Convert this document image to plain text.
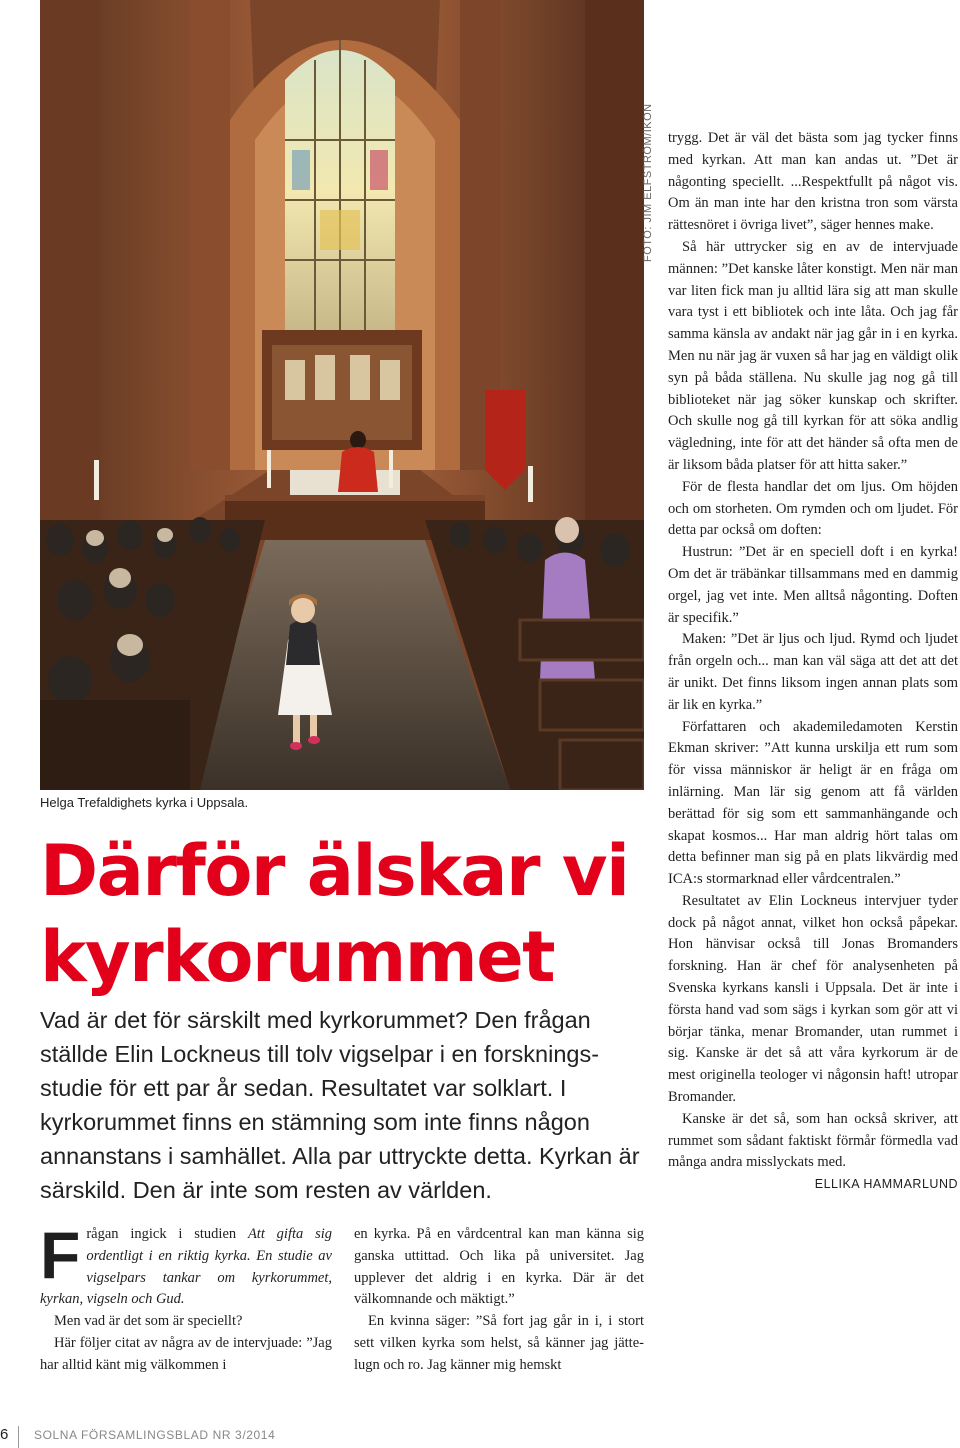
FOTO: JIM ELFSTRÖM/IKON
Helga Trefaldighets kyrka i Uppsala.
Därför älskar vi
kyrkorummet

Vad är det för särskilt med kyrkorummet? Den frågan ställde Elin Lockneus till tolv vigselpar i en forskningsstudie för ett par år sedan. Resultatet var solklart. I kyrkorummet finns en stämning som inte finns någon annanstans i samhället. Alla par uttryckte detta. Kyrkan är särskild. Den är inte som resten av världen.

Frågan ingick i studien Att gifta sig ordentligt i en riktig kyrka. En studie av vigselpars tankar om kyrkorummet, kyrkan, vigseln och Gud.

Men vad är det som är speciellt?

Här följer citat av några av de intervjuade: ”Jag har alltid känt mig välkommen i

en kyrka. På en vårdcentral kan man känna sig ganska uttittad. Och lika på universitet. Jag upplever det aldrig i en kyrka. Där är det välkomnande och mäktigt.”

En kvinna säger: ”Så fort jag går in i, i stort sett vilken kyrka som helst, så känner jag jättelugn och ro. Jag känner mig hemskt

trygg. Det är väl det bästa som jag tycker finns med kyrkan. Att man kan andas ut. ”Det är någonting speciellt. ...Respektfullt på något vis. Om än man inte har den kristna tron som värsta rättesnöret i övriga livet”, säger hennes make.

Så här uttrycker sig en av de intervjuade männen: ”Det kanske låter konstigt. Men när man var liten fick man ju alltid lära sig att man skulle vara tyst i ett bibliotek och inte låta. Och jag får samma känsla av andakt när jag går in i en kyrka. Men nu när jag är vuxen så har jag en väldigt olik syn på båda ställena. Nu skulle jag nog gå till biblioteket när jag söker kunskap och skrifter. Och skulle nog gå till kyrkan för att söka andlig vägledning, inte för att det händer så ofta men de är liksom båda platser för att hitta saker.”

För de flesta handlar det om ljus. Om höjden och om storheten. Om rymden och om ljudet. För detta par också om doften:

Hustrun: ”Det är en speciell doft i en kyrka! Om det är träbänkar tillsammans med en dammig orgel, jag vet inte. Men alltså någonting. Doften är specifik.”

Maken: ”Det är ljus och ljud. Rymd och ljudet från orgeln och... man kan väl säga att det att det är unikt. Det finns liksom ingen annan plats som är lik en kyrka.”

Författaren och akademiledamoten Kerstin Ekman skriver: ”Att kunna urskilja ett rum som för vissa människor är heligt är en fråga om inlärning. Man lär sig genom att få världen berättad för sig som ett sammanhängande och skapat kosmos... Har man aldrig hört talas om detta befinner man sig på en plats likvärdig med ICA:s stormarknad eller vårdcentralen.”

Resultatet av Elin Lockneus intervjuer tyder dock på något annat, vilket hon också påpekar. Hon hänvisar också till Jonas Bromanders forskning. Han är chef för analysenheten på Svenska kyrkans kansli i Uppsala. Det är inte i första hand vad som sägs i kyrkan som gör att vi börjar tänka, menar Bromander, utan rummet i sig. Kanske är det så att våra kyrkorum är de mest originella teologer vi någonsin haft! utropar Bromander.

Kanske är det så, som han också skriver, att rummet som sådant faktiskt förmår förmedla vad många andra misslyckats med.

ELLIKA HAMMARLUND

6 SOLNA FÖRSAMLINGSBLAD NR 3/2014
